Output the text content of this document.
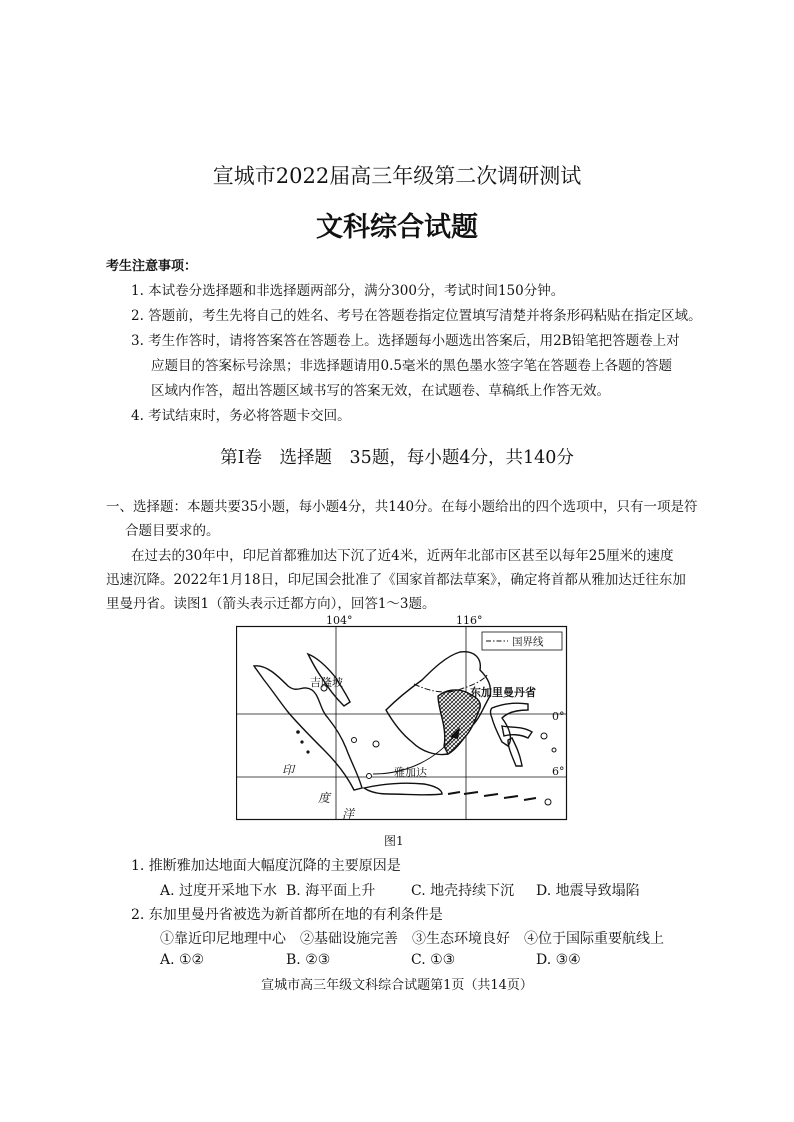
宣城市2022届高三年级第二次调研测试
文科综合试题
考生注意事项：
1. 本试卷分选择题和非选择题两部分，满分300分，考试时间150分钟。
2. 答题前，考生先将自己的姓名、考号在答题卷指定位置填写清楚并将条形码粘贴在指定区域。
3. 考生作答时，请将答案答在答题卷上。选择题每小题选出答案后，用2B铅笔把答题卷上对
应题目的答案标号涂黑；非选择题请用0.5毫米的黑色墨水签字笔在答题卷上各题的答题
区域内作答，超出答题区域书写的答案无效，在试题卷、草稿纸上作答无效。
4. 考试结束时，务必将答题卡交回。
第Ⅰ卷　选择题　35题，每小题4分，共140分
一、选择题：本题共要35小题，每小题4分，共140分。在每小题给出的四个选项中，只有一项是符
合题目要求的。
在过去的30年中，印尼首都雅加达下沉了近4米，近两年北部市区甚至以每年25厘米的速度
迅速沉降。2022年1月18日，印尼国会批准了《国家首都法草案》，确定将首都从雅加达迁往东加
里曼丹省。读图1（箭头表示迁都方向），回答1～3题。
吉隆坡
雅加达
东加里曼丹省
印
度
洋
104°	116°
0°
6°
国界线
图1
1. 推断雅加达地面大幅度沉降的主要原因是
A. 过度开采地下水 B. 海平面上升	C. 地壳持续下沉 D. 地震导致塌陷
2. 东加里曼丹省被选为新首都所在地的有利条件是
①靠近印尼地理中心　②基础设施完善　③生态环境良好　④位于国际重要航线上
A. ①②	B. ②③	C. ①③	D. ③④
宣城市高三年级文科综合试题第1页（共14页）
